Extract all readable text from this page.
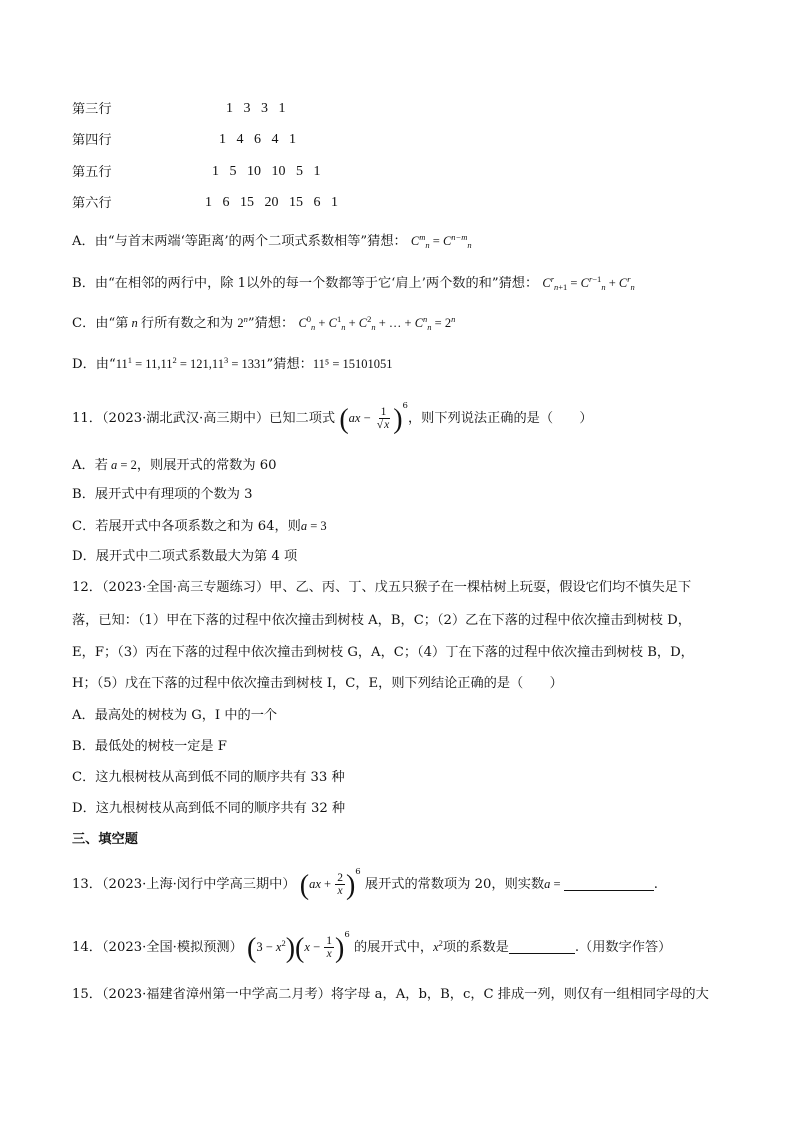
第三行	1   3   3   1
第四行	1   4   6   4   1
第五行	1   5   10   10   5   1
第六行	1   6   15   20   15   6   1
A．由“与首末两端‘等距离’的两个二项式系数相等”猜想： $C^m_n = C^{n-m}_n$
B．由“在相邻的两行中，除 1以外的每一个数都等于它‘肩上’两个数的和”猜想： $C^r_{n+1} = C^{r-1}_n + C^r_n$
C．由“第 n 行所有数之和为 2$^n$”猜想： $C^0_n + C^1_n + C^2_n$ + … + $C^n_n = 2^n$
D．由“$11^1 = 11,11^2 = 121,11^3 = 1331$”猜想：11⁵ = 15101051
11．（2023·湖北武汉·高三期中）已知二项式 $(ax - \frac{1}{√x} )^6$，则下列说法正确的是（　　）
A．若 a = 2，则展开式的常数为 60
B．展开式中有理项的个数为 3
C．若展开式中各项系数之和为 64，则a = 3
D．展开式中二项式系数最大为第 4 项
12．（2023·全国·高三专题练习）甲、乙、丙、丁、戊五只猴子在一棵枯树上玩耍，假设它们均不慎失足下
落，已知：（1）甲在下落的过程中依次撞击到树枝 A，B，C；（2）乙在下落的过程中依次撞击到树枝 D，
E，F；（3）丙在下落的过程中依次撞击到树枝 G，A，C；（4）丁在下落的过程中依次撞击到树枝 B，D，
H；（5）戊在下落的过程中依次撞击到树枝 I，C，E，则下列结论正确的是（　　）
A．最高处的树枝为 G，I 中的一个
B．最低处的树枝一定是 F
C．这九根树枝从高到低不同的顺序共有 33 种
D．这九根树枝从高到低不同的顺序共有 32 种
三、填空题
13．（2023·上海·闵行中学高三期中） $(ax + \frac{2}{x} )^6$ 展开式的常数项为 20，则实数a =	.
14．（2023·全国·模拟预测） $(3 - x^2)(x - \frac{1}{x} )^6$ 的展开式中，$x^2$项的系数是	.（用数字作答）
15．（2023·福建省漳州第一中学高二月考）将字母 a，A，b，B，c，C 排成一列，则仅有一组相同字母的大
